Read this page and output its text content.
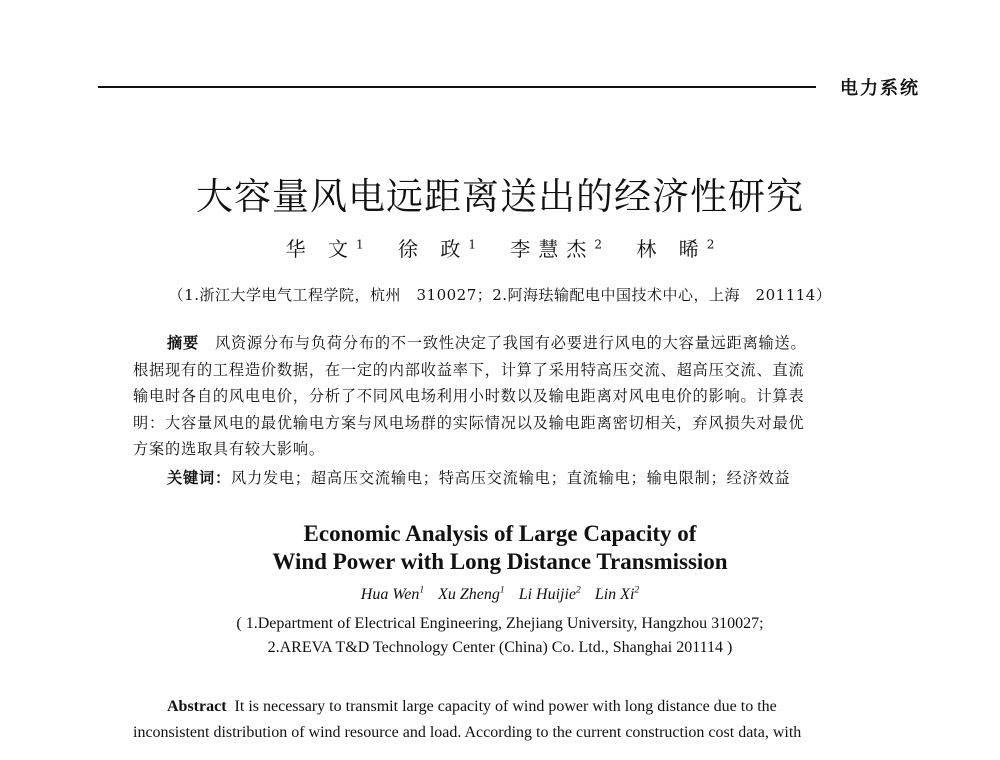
电力系统
大容量风电远距离送出的经济性研究
华 文$^1$ 徐 政$^1$ 李慧杰$^2$ 林 晞$^2$
（1.浙江大学电气工程学院，杭州　310027；2.阿海珐输配电中国技术中心，上海　201114）
摘要　 风资源分布与负荷分布的不一致性决定了我国有必要进行风电的大容量远距离输送。
根据现有的工程造价数据，在一定的内部收益率下，计算了采用特高压交流、超高压交流、直流
输电时各自的风电电价，分析了不同风电场利用小时数以及输电距离对风电电价的影响。计算表
明：大容量风电的最优输电方案与风电场群的实际情况以及输电距离密切相关，弃风损失对最优
方案的选取具有较大影响。
关键词：风力发电；超高压交流输电；特高压交流输电；直流输电；输电限制；经济效益
Economic Analysis of Large Capacity of
Wind Power with Long Distance Transmission
Hua Wen$^1$ Xu Zheng$^1$ Li Huijie$^2$ Lin Xi$^2$
( 1.Department of Electrical Engineering, Zhejiang University, Hangzhou 310027;
2.AREVA T&D Technology Center (China) Co. Ltd., Shanghai 201114 )
Abstract It is necessary to transmit large capacity of wind power with long distance due to the
inconsistent distribution of wind resource and load. According to the current construction cost data, with
